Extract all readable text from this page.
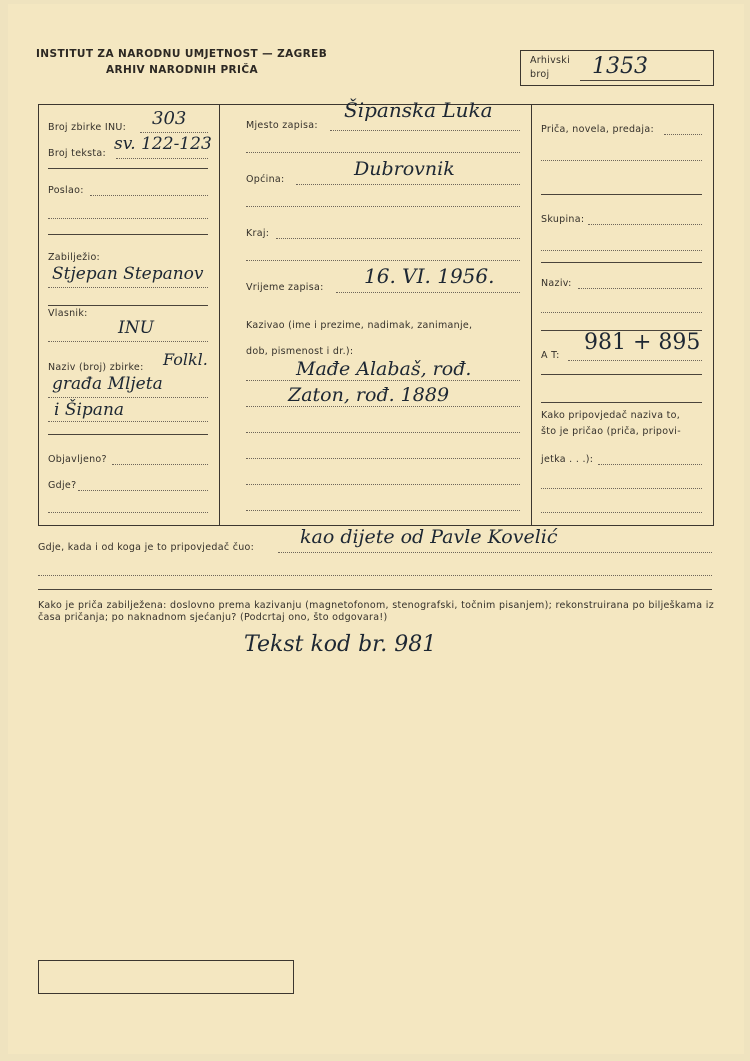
INSTITUT ZA NARODNU UMJETNOST — ZAGREB
ARHIV NARODNIH PRIČA
Arhivski
broj 1353
Broj zbirke INU: 303
Broj teksta: sv. 122-123
Poslao:
Zabilježio:
Stjepan Stepanov
Vlasnik:
INU
Naziv (broj) zbirke: Folkl.
građa Mljeta
i Šipana
Objavljeno?
Gdje?
Mjesto zapisa:
Šipanska Luka
Općina:	Dubrovnik
Kraj:
Vrijeme zapisa: 16. VI. 1956.
Kazivao (ime i prezime, nadimak, zanimanje,
dob, pismenost i dr.):
Mađe Alabaš, rođ.
Zaton, rođ. 1889
Priča, novela, predaja:
Skupina:
Naziv:
A T:
981 + 895
Kako pripovjedač naziva to,
što je pričao (priča, pripovi-
jetka . . .):
Gdje, kada i od koga je to pripovjedač čuo: kao dijete od Pavle Kovelić
Kako je priča zabilježena: doslovno prema kazivanju (magnetofonom, stenografski, točnim pisanjem); rekonstruirana po bilješkama iz časa pričanja; po naknadnom sjećanju? (Podcrtaj ono, što odgovara!)
Tekst kod br. 981
